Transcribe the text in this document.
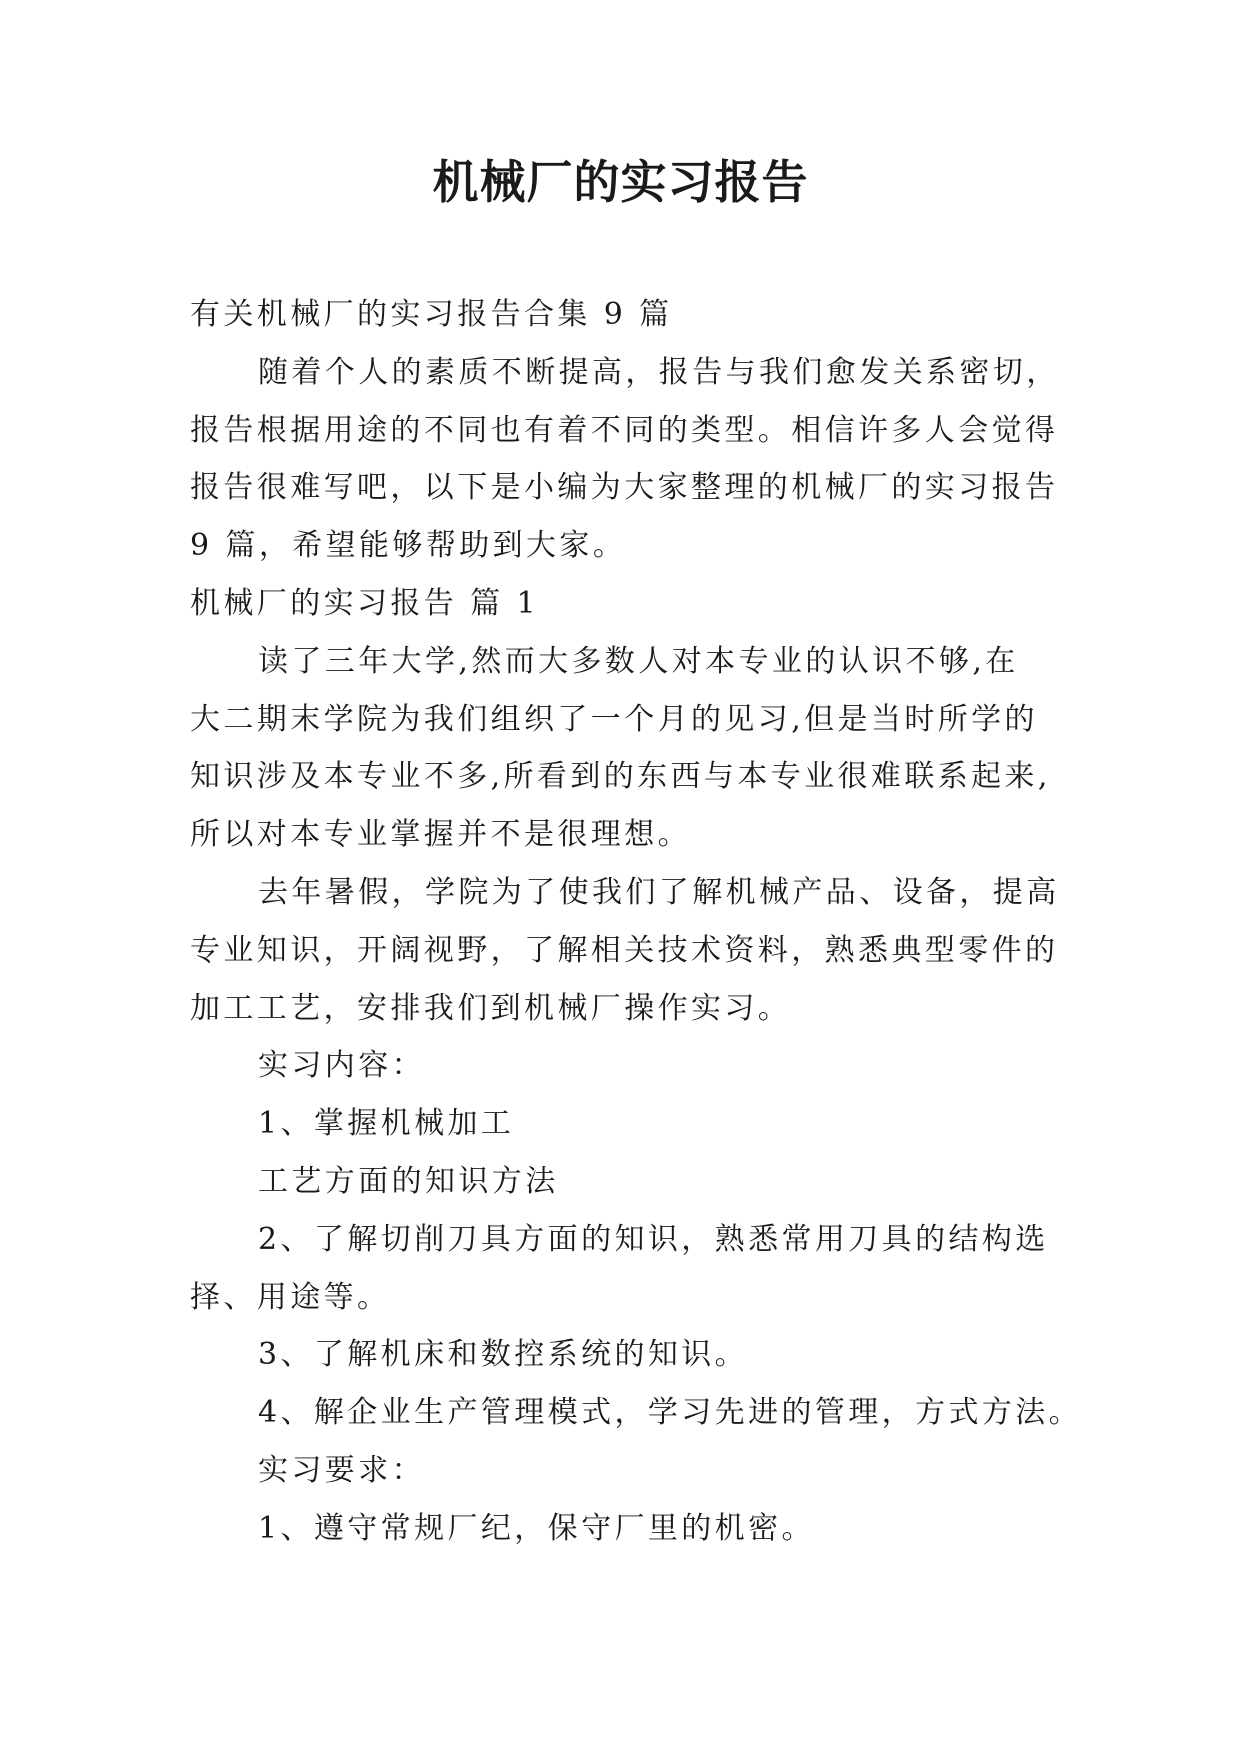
机械厂的实习报告
有关机械厂的实习报告合集 9 篇
随着个人的素质不断提高，报告与我们愈发关系密切，
报告根据用途的不同也有着不同的类型。相信许多人会觉得
报告很难写吧，以下是小编为大家整理的机械厂的实习报告
9 篇，希望能够帮助到大家。
机械厂的实习报告 篇 1
读了三年大学,然而大多数人对本专业的认识不够,在
大二期末学院为我们组织了一个月的见习,但是当时所学的
知识涉及本专业不多,所看到的东西与本专业很难联系起来,
所以对本专业掌握并不是很理想。
去年暑假，学院为了使我们了解机械产品、设备，提高
专业知识，开阔视野，了解相关技术资料，熟悉典型零件的
加工工艺，安排我们到机械厂操作实习。
实习内容：
1、掌握机械加工
工艺方面的知识方法
2、了解切削刀具方面的知识，熟悉常用刀具的结构选
择、用途等。
3、了解机床和数控系统的知识。
4、解企业生产管理模式，学习先进的管理，方式方法。
实习要求：
1、遵守常规厂纪，保守厂里的机密。
